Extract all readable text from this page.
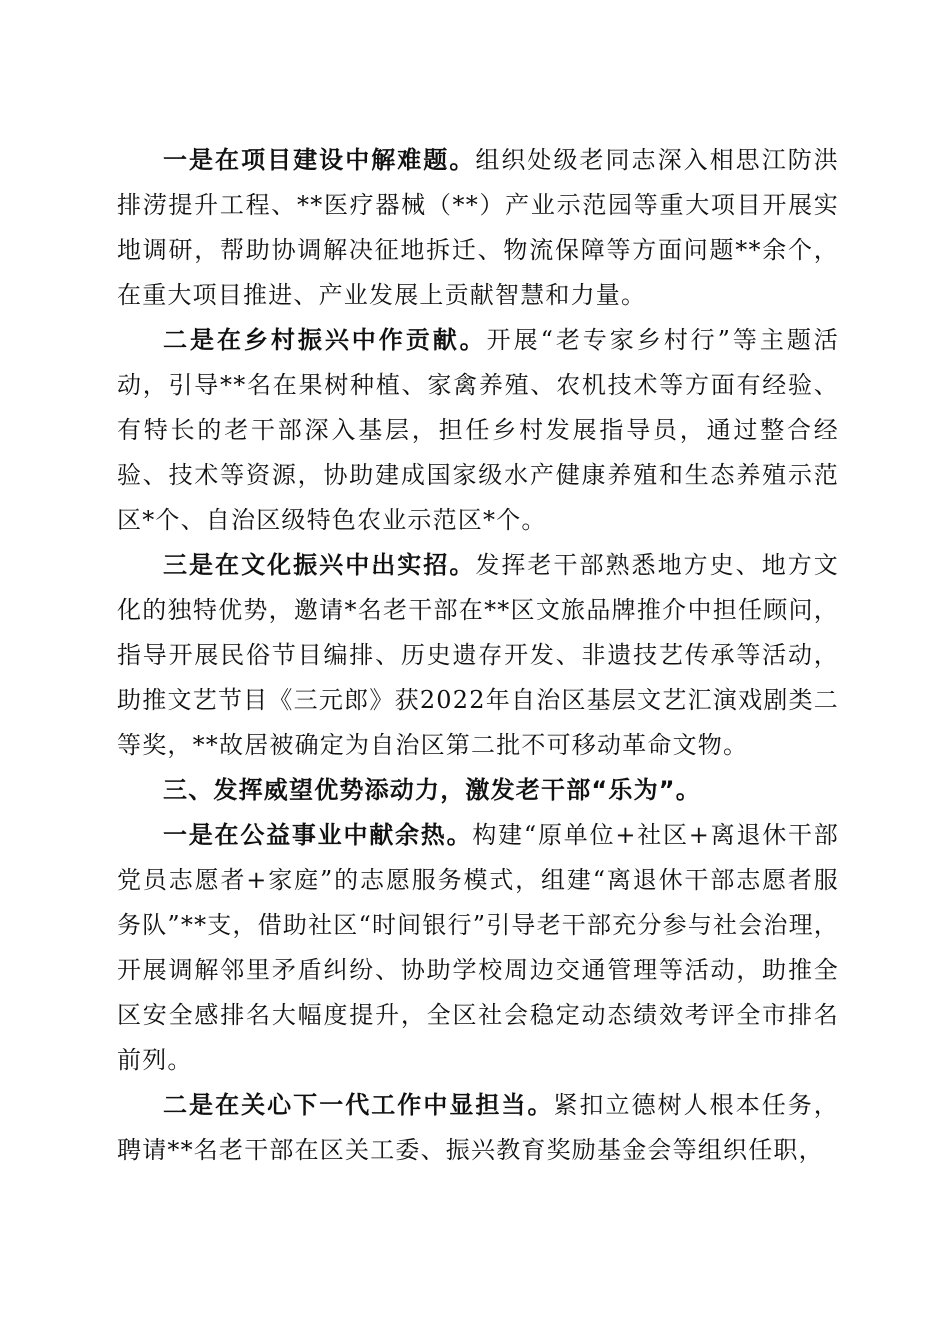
一是在项目建设中解难题。组织处级老同志深入相思江防洪排涝提升工程、**医疗器械（**）产业示范园等重大项目开展实地调研，帮助协调解决征地拆迁、物流保障等方面问题**余个，在重大项目推进、产业发展上贡献智慧和力量。

二是在乡村振兴中作贡献。开展“老专家乡村行”等主题活动，引导**名在果树种植、家禽养殖、农机技术等方面有经验、有特长的老干部深入基层，担任乡村发展指导员，通过整合经验、技术等资源，协助建成国家级水产健康养殖和生态养殖示范区*个、自治区级特色农业示范区*个。

三是在文化振兴中出实招。发挥老干部熟悉地方史、地方文化的独特优势，邀请*名老干部在**区文旅品牌推介中担任顾问，指导开展民俗节目编排、历史遗存开发、非遗技艺传承等活动，助推文艺节目《三元郎》获2022年自治区基层文艺汇演戏剧类二等奖，**故居被确定为自治区第二批不可移动革命文物。

三、发挥威望优势添动力，激发老干部“乐为”。

一是在公益事业中献余热。构建“原单位+社区+离退休干部党员志愿者+家庭”的志愿服务模式，组建“离退休干部志愿者服务队”**支，借助社区“时间银行”引导老干部充分参与社会治理，开展调解邻里矛盾纠纷、协助学校周边交通管理等活动，助推全区安全感排名大幅度提升，全区社会稳定动态绩效考评全市排名前列。

二是在关心下一代工作中显担当。紧扣立德树人根本任务，聘请**名老干部在区关工委、振兴教育奖励基金会等组织任职，
